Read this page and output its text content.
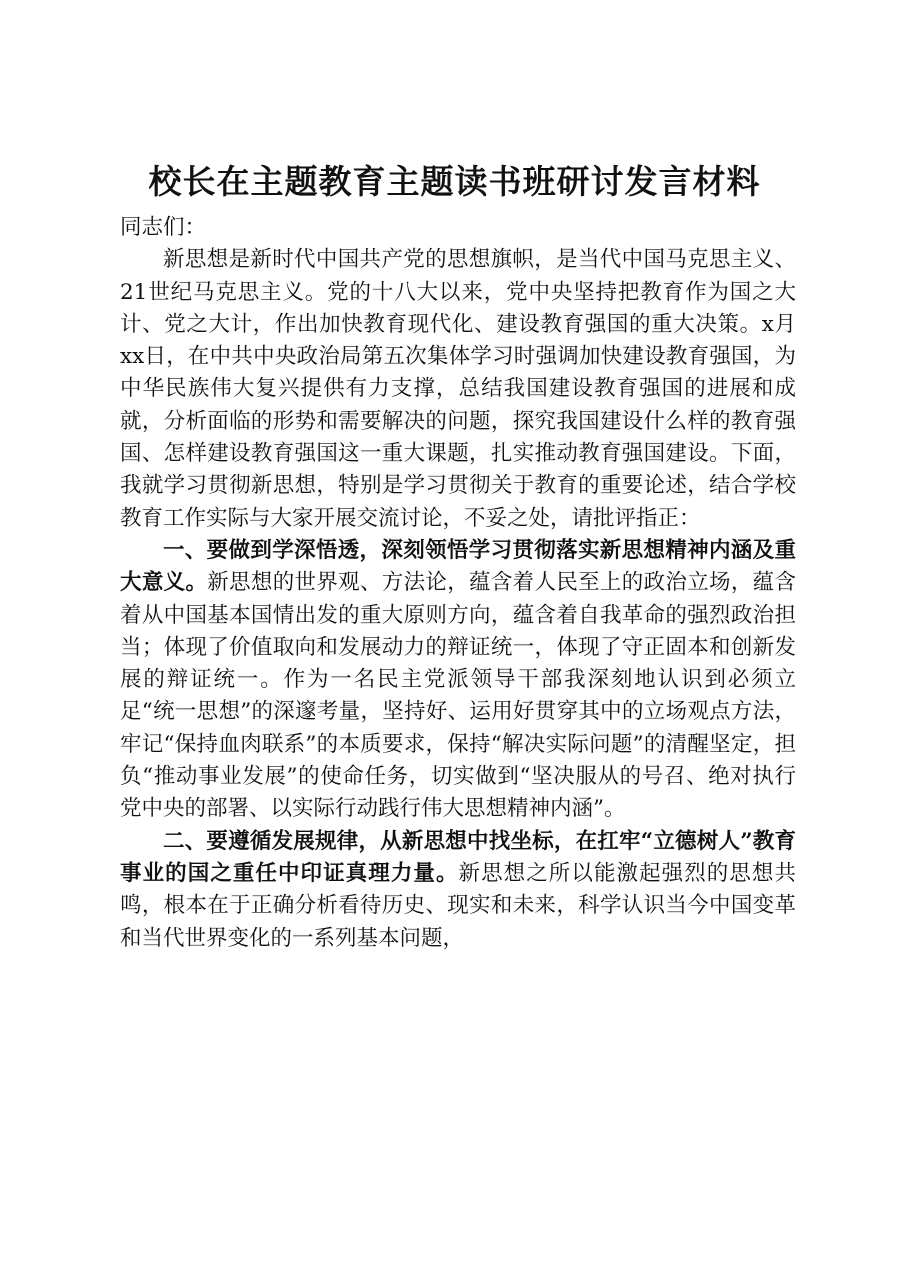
校长在主题教育主题读书班研讨发言材料

同志们：

新思想是新时代中国共产党的思想旗帜，是当代中国马克思主义、21世纪马克思主义。党的十八大以来，党中央坚持把教育作为国之大计、党之大计，作出加快教育现代化、建设教育强国的重大决策。x月xx日，在中共中央政治局第五次集体学习时强调加快建设教育强国，为中华民族伟大复兴提供有力支撑，总结我国建设教育强国的进展和成就，分析面临的形势和需要解决的问题，探究我国建设什么样的教育强国、怎样建设教育强国这一重大课题，扎实推动教育强国建设。下面，我就学习贯彻新思想，特别是学习贯彻关于教育的重要论述，结合学校教育工作实际与大家开展交流讨论，不妥之处，请批评指正：

一、要做到学深悟透，深刻领悟学习贯彻落实新思想精神内涵及重大意义。新思想的世界观、方法论，蕴含着人民至上的政治立场，蕴含着从中国基本国情出发的重大原则方向，蕴含着自我革命的强烈政治担当；体现了价值取向和发展动力的辩证统一，体现了守正固本和创新发展的辩证统一。作为一名民主党派领导干部我深刻地认识到必须立足“统一思想”的深邃考量，坚持好、运用好贯穿其中的立场观点方法，牢记“保持血肉联系”的本质要求，保持“解决实际问题”的清醒坚定，担负“推动事业发展”的使命任务，切实做到“坚决服从的号召、绝对执行党中央的部署、以实际行动践行伟大思想精神内涵”。

二、要遵循发展规律，从新思想中找坐标，在扛牢“立德树人”教育事业的国之重任中印证真理力量。新思想之所以能激起强烈的思想共鸣，根本在于正确分析看待历史、现实和未来，科学认识当今中国变革和当代世界变化的一系列基本问题，
